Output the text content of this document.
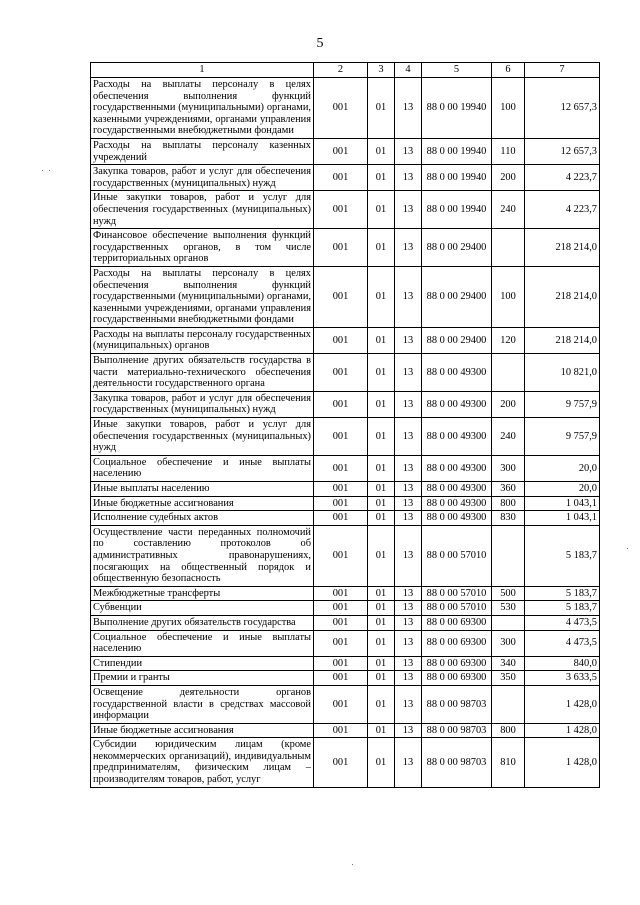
5
1	2	3	4	5	6	7
Расходы на выплаты персоналу в целях обеспечения выполнения функций государственными (муниципальными) органами, казенными учреждениями, органами управления государственными внебюджетными фондами	001	01	13	88 0 00 19940	100	12 657,3
Расходы на выплаты персоналу казенных учреждений	001	01	13	88 0 00 19940	110	12 657,3
Закупка товаров, работ и услуг для обеспечения государственных (муниципальных) нужд	001	01	13	88 0 00 19940	200	4 223,7
Иные закупки товаров, работ и услуг для обеспечения государственных (муниципальных) нужд	001	01	13	88 0 00 19940	240	4 223,7
Финансовое обеспечение выполнения функций государственных органов, в том числе территориальных органов	001	01	13	88 0 00 29400		218 214,0
Расходы на выплаты персоналу в целях обеспечения выполнения функций государственными (муниципальными) органами, казенными учреждениями, органами управления государственными внебюджетными фондами	001	01	13	88 0 00 29400	100	218 214,0
Расходы на выплаты персоналу государственных (муниципальных) органов	001	01	13	88 0 00 29400	120	218 214,0
Выполнение других обязательств государства в части материально-технического обеспечения деятельности государственного органа	001	01	13	88 0 00 49300		10 821,0
Закупка товаров, работ и услуг для обеспечения государственных (муниципальных) нужд	001	01	13	88 0 00 49300	200	9 757,9
Иные закупки товаров, работ и услуг для обеспечения государственных (муниципальных) нужд	001	01	13	88 0 00 49300	240	9 757,9
Социальное обеспечение и иные выплаты населению	001	01	13	88 0 00 49300	300	20,0
Иные выплаты населению	001	01	13	88 0 00 49300	360	20,0
Иные бюджетные ассигнования	001	01	13	88 0 00 49300	800	1 043,1
Исполнение судебных актов	001	01	13	88 0 00 49300	830	1 043,1
Осуществление части переданных полномочий по составлению протоколов об административных правонарушениях, посягающих на общественный порядок и общественную безопасность	001	01	13	88 0 00 57010		5 183,7
Межбюджетные трансферты	001	01	13	88 0 00 57010	500	5 183,7
Субвенции	001	01	13	88 0 00 57010	530	5 183,7
Выполнение других обязательств государства	001	01	13	88 0 00 69300		4 473,5
Социальное обеспечение и иные выплаты населению	001	01	13	88 0 00 69300	300	4 473,5
Стипендии	001	01	13	88 0 00 69300	340	840,0
Премии и гранты	001	01	13	88 0 00 69300	350	3 633,5
Освещение деятельности органов государственной власти в средствах массовой информации	001	01	13	88 0 00 98703		1 428,0
Иные бюджетные ассигнования	001	01	13	88 0 00 98703	800	1 428,0
Субсидии юридическим лицам (кроме некоммерческих организаций), индивидуальным предпринимателям, физическим лицам – производителям товаров, работ, услуг	001	01	13	88 0 00 98703	810	1 428,0
